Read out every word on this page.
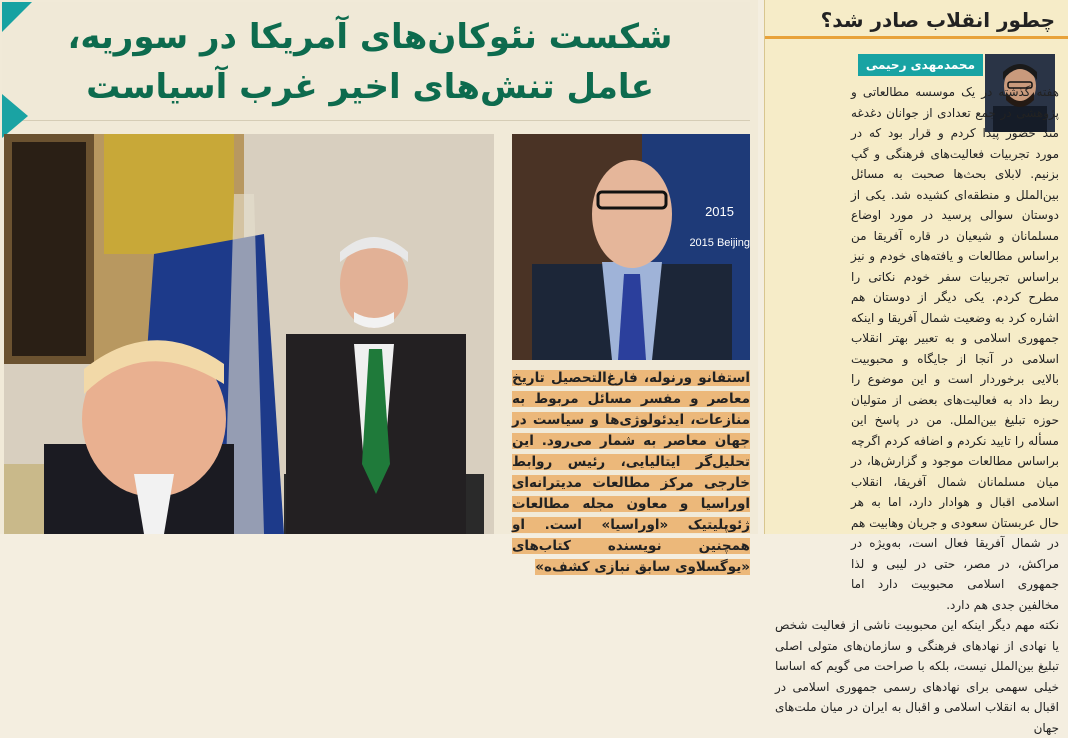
شکست نئوکان‌های آمریکا در سوریه،
عامل تنش‌های اخیر غرب آسیاست
2015
2015 Beijing
استفانو ورنوله، فارغ‌التحصیل تاریخ معاصر و مفسر مسائل مربوط به منازعات، ایدئولوژی‌ها و سیاست در جهان معاصر به شمار می‌رود. این تحلیل‌گر ایتالیایی، رئیس روابط خارجی مرکز مطالعات مدیترانه‌ای اوراسیا و معاون مجله مطالعات ژئوپلیتیک «اوراسیا» است. او همچنین نویسنده کتاب‌های «یوگسلاوی سابق نبازی کشف‌ه»
چطور انقلاب صادر شد؟
محمدمهدی رحیمی

هفته گذشته در یک موسسه مطالعاتی و پژوهشی در جمع تعدادی از جوانان دغدغه مند حضور پیدا کردم و قرار بود که در مورد تجربیات فعالیت‌های فرهنگی و گپ بزنیم. لابلای بحث‌ها صحبت به مسائل بین‌الملل و منطقه‌ای کشیده شد. یکی از دوستان سوالی پرسید در مورد اوضاع مسلمانان و شیعیان در قاره آفریقا من براساس مطالعات و یافته‌های خودم و نیز براساس تجربیات سفر خودم نکاتی را مطرح کردم. یکی دیگر از دوستان هم اشاره کرد به وضعیت شمال آفریقا و اینکه جمهوری اسلامی و به تعبیر بهتر انقلاب اسلامی در آنجا از جایگاه و محبوبیت بالایی برخوردار است و این موضوع را ربط داد به فعالیت‌های بعضی از متولیان حوزه تبلیغ بین‌الملل. من در پاسخ این مسأله را تایید نکردم و اضافه کردم اگرچه براساس مطالعات موجود و گزارش‌ها، در میان مسلمانان شمال آفریقا، انقلاب اسلامی اقبال و هوادار دارد، اما به هر حال عربستان سعودی و جریان وهابیت هم در شمال آفریقا فعال است، به‌ویژه در مراکش، در مصر، حتی در لیبی و لذا جمهوری اسلامی محبوبیت دارد اما مخالفین جدی هم دارد.

نکته مهم دیگر اینکه این محبوبیت ناشی از فعالیت شخص یا نهادی از نهادهای فرهنگی و سازمان‌های متولی اصلی تبلیغ بین‌الملل نیست، بلکه با صراحت می گویم که اساسا خیلی سهمی برای نهادهای رسمی جمهوری اسلامی در اقبال به انقلاب اسلامی و اقبال به ایران در میان ملت‌های جهان
